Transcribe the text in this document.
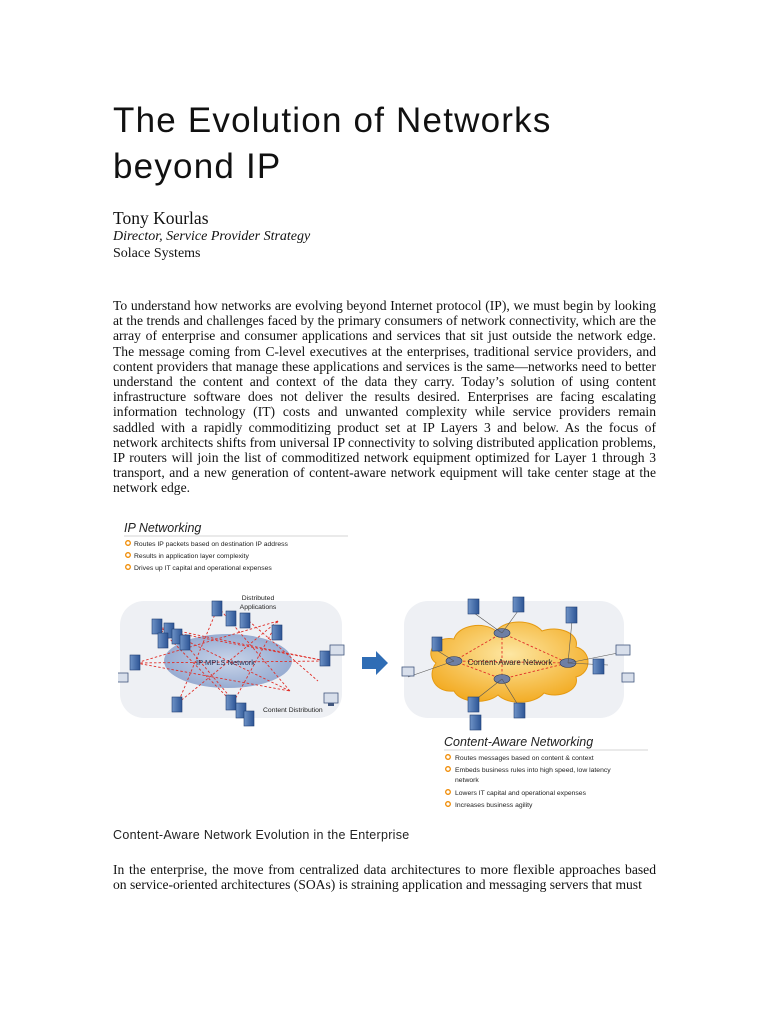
The Evolution of Networks
beyond IP

Tony Kourlas

Director, Service Provider Strategy

Solace Systems

To understand how networks are evolving beyond Internet protocol (IP), we must begin by looking at the trends and challenges faced by the primary consumers of network connectivity, which are the array of enterprise and consumer applications and services that sit just outside the network edge. The message coming from C-level executives at the enterprises, traditional service providers, and content providers that manage these applications and services is the same—networks need to better understand the content and context of the data they carry. Today’s solution of using content infrastructure software does not deliver the results desired. Enterprises are facing escalating information technology (IT) costs and unwanted complexity while service providers remain saddled with a rapidly commoditizing product set at IP Layers 3 and below. As the focus of network architects shifts from universal IP connectivity to solving distributed application problems, IP routers will join the list of commoditized network equipment optimized for Layer 1 through 3 transport, and a new generation of content-aware network equipment will take center stage at the network edge.

IP Networking
Routes IP packets based on destination IP address
Results in application layer complexity
Drives up IT capital and operational expenses
IP MPLS Network
Distributed
Applications
Content Distribution
Content-Aware Network
Content-Aware Networking
Routes messages based on content & context
Embeds business rules into high speed, low latency
network
Lowers IT capital and operational expenses
Increases business agility

Content-Aware Network Evolution in the Enterprise

In the enterprise, the move from centralized data architectures to more flexible approaches based on service-oriented architectures (SOAs) is straining application and messaging servers that must
